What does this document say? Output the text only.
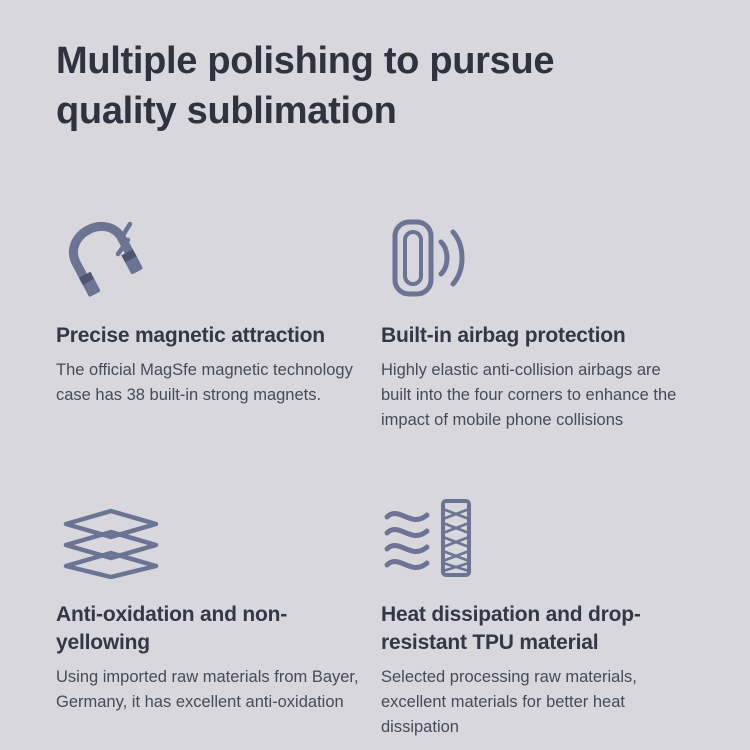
Multiple polishing to pursue quality sublimation
Precise magnetic attraction

The official MagSfe magnetic technology case has 38 built-in strong magnets.

Built-in airbag protection

Highly elastic anti-collision airbags are built into the four corners to enhance the impact of mobile phone collisions

Anti-oxidation and non-yellowing

Using imported raw materials from Bayer, Germany, it has excellent anti-oxidation

Heat dissipation and drop-resistant TPU material

Selected processing raw materials, excellent materials for better heat dissipation
